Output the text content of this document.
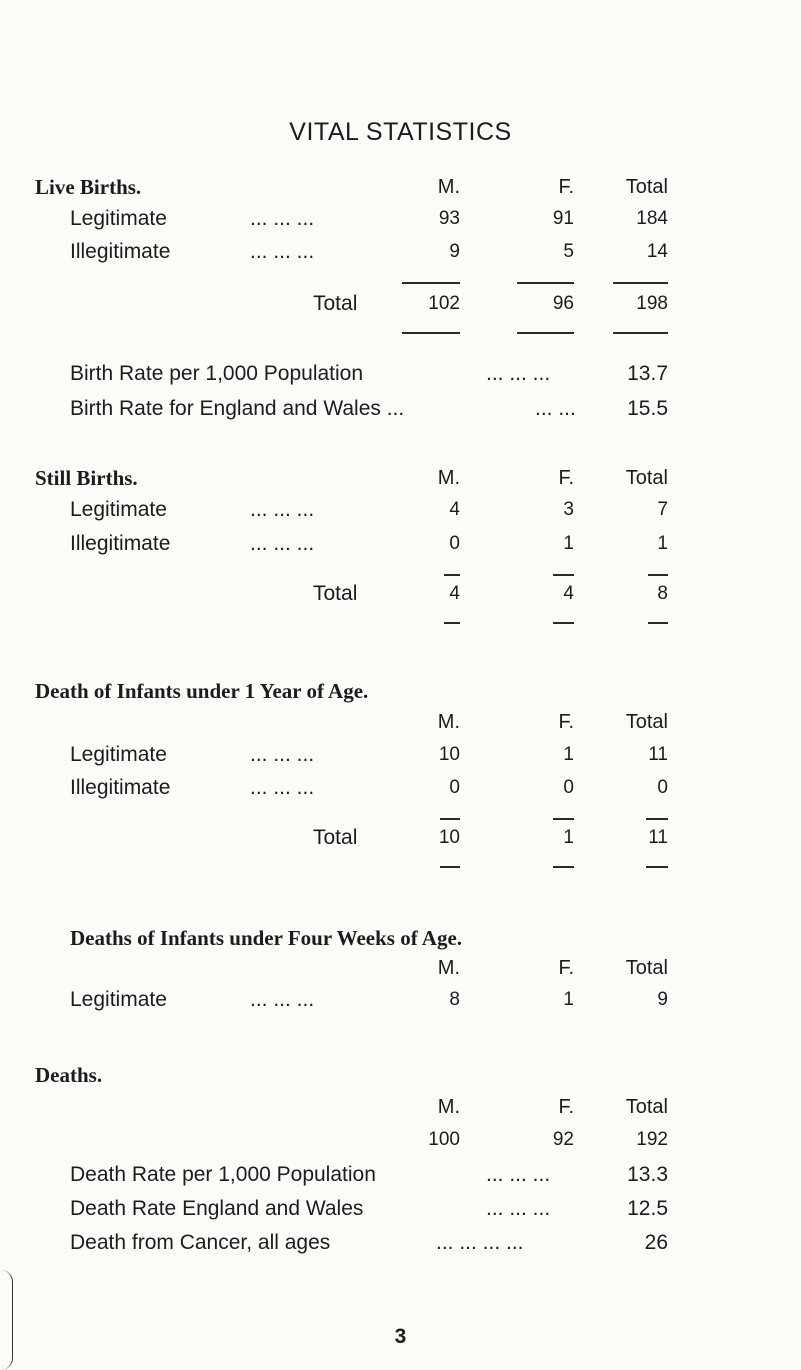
VITAL STATISTICS
Live Births.	M.	F.	Total
Legitimate	... ... ...	93	91	184
Illegitimate	... ... ...	9	5	14
Total	102	96	198
Birth Rate per 1,000 Population	... ... ...	13.7
Birth Rate for England and Wales ...	... ...	15.5
Still Births.	M.	F.	Total
Legitimate	... ... ...	4	3	7
Illegitimate	... ... ...	0	1	1
Total	4	4	8
Death of Infants under 1 Year of Age.
M.	F.	Total
Legitimate	... ... ...	10	1	11
Illegitimate	... ... ...	0	0	0
Total	10	1	11
Deaths of Infants under Four Weeks of Age.
M.	F.	Total
Legitimate	... ... ...	8	1	9
Deaths.
M.	F.	Total
100	92	192
Death Rate per 1,000 Population	... ... ...	13.3
Death Rate England and Wales	... ... ...	12.5
Death from Cancer, all ages	... ... ... ...	26
3
